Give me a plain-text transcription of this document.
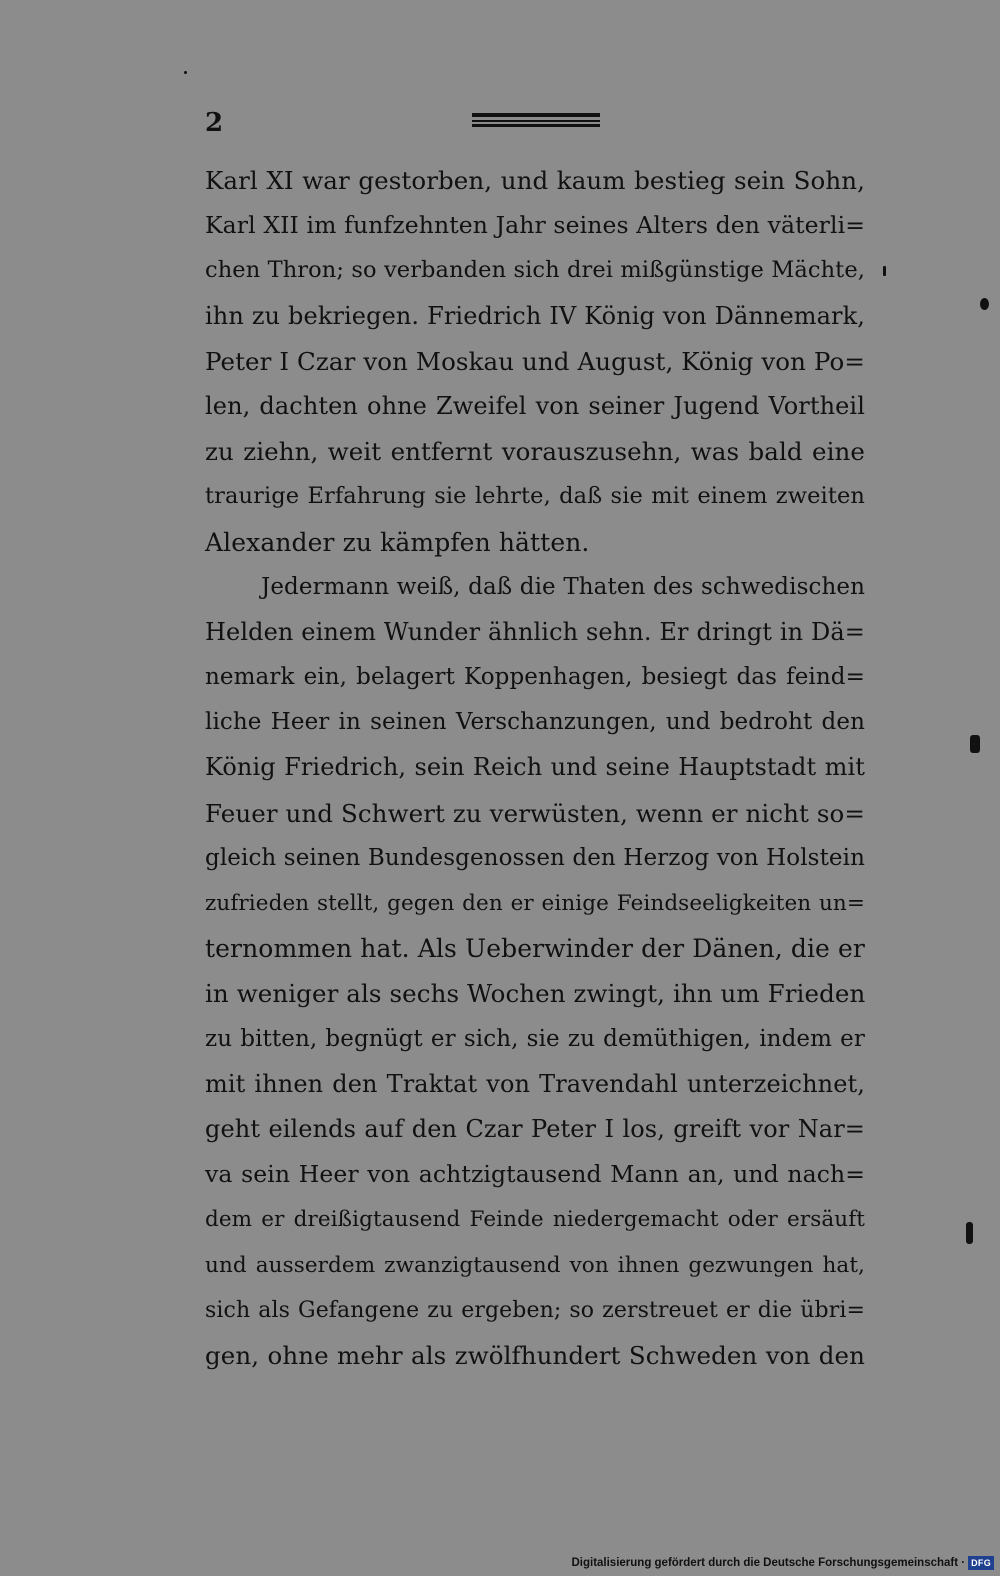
2
Karl XI war gestorben, und kaum bestieg sein Sohn,
Karl XII im funfzehnten Jahr seines Alters den väterli=
chen Thron; so verbanden sich drei mißgünstige Mächte,
ihn zu bekriegen. Friedrich IV König von Dännemark,
Peter I Czar von Moskau und August, König von Po=
len, dachten ohne Zweifel von seiner Jugend Vortheil
zu ziehn, weit entfernt vorauszusehn, was bald eine
traurige Erfahrung sie lehrte, daß sie mit einem zweiten
Alexander zu kämpfen hätten.
Jedermann weiß, daß die Thaten des schwedischen
Helden einem Wunder ähnlich sehn. Er dringt in Dä=
nemark ein, belagert Koppenhagen, besiegt das feind=
liche Heer in seinen Verschanzungen, und bedroht den
König Friedrich, sein Reich und seine Hauptstadt mit
Feuer und Schwert zu verwüsten, wenn er nicht so=
gleich seinen Bundesgenossen den Herzog von Holstein
zufrieden stellt, gegen den er einige Feindseeligkeiten un=
ternommen hat. Als Ueberwinder der Dänen, die er
in weniger als sechs Wochen zwingt, ihn um Frieden
zu bitten, begnügt er sich, sie zu demüthigen, indem er
mit ihnen den Traktat von Travendahl unterzeichnet,
geht eilends auf den Czar Peter I los, greift vor Nar=
va sein Heer von achtzigtausend Mann an, und nach=
dem er dreißigtausend Feinde niedergemacht oder ersäuft
und ausserdem zwanzigtausend von ihnen gezwungen hat,
sich als Gefangene zu ergeben; so zerstreuet er die übri=
gen, ohne mehr als zwölfhundert Schweden von den
Digitalisierung gefördert durch die Deutsche Forschungsgemeinschaft · DFG
